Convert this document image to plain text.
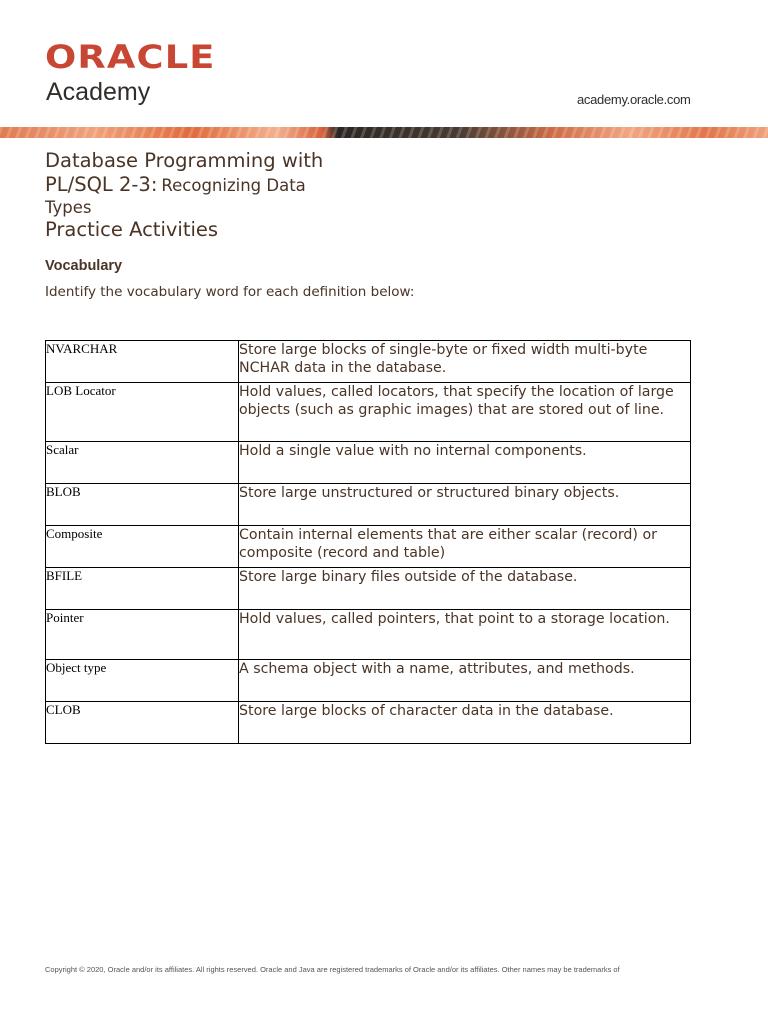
ORACLE
Academy	academy.oracle.com
Database Programming with
PL/SQL 2-3: Recognizing Data
Types
Practice Activities
Vocabulary

Identify the vocabulary word for each definition below:

NVARCHAR	Store large blocks of single-byte or fixed width multi-byte NCHAR data in the database.
LOB Locator	Hold values, called locators, that specify the location of large objects (such as graphic images) that are stored out of line.
Scalar	Hold a single value with no internal components.
BLOB	Store large unstructured or structured binary objects.
Composite	Contain internal elements that are either scalar (record) or composite (record and table)
BFILE	Store large binary files outside of the database.
Pointer	Hold values, called pointers, that point to a storage location.
Object type	A schema object with a name, attributes, and methods.
CLOB	Store large blocks of character data in the database.
Copyright © 2020, Oracle and/or its affiliates. All rights reserved. Oracle and Java are registered trademarks of Oracle and/or its affiliates. Other names may be trademarks of
